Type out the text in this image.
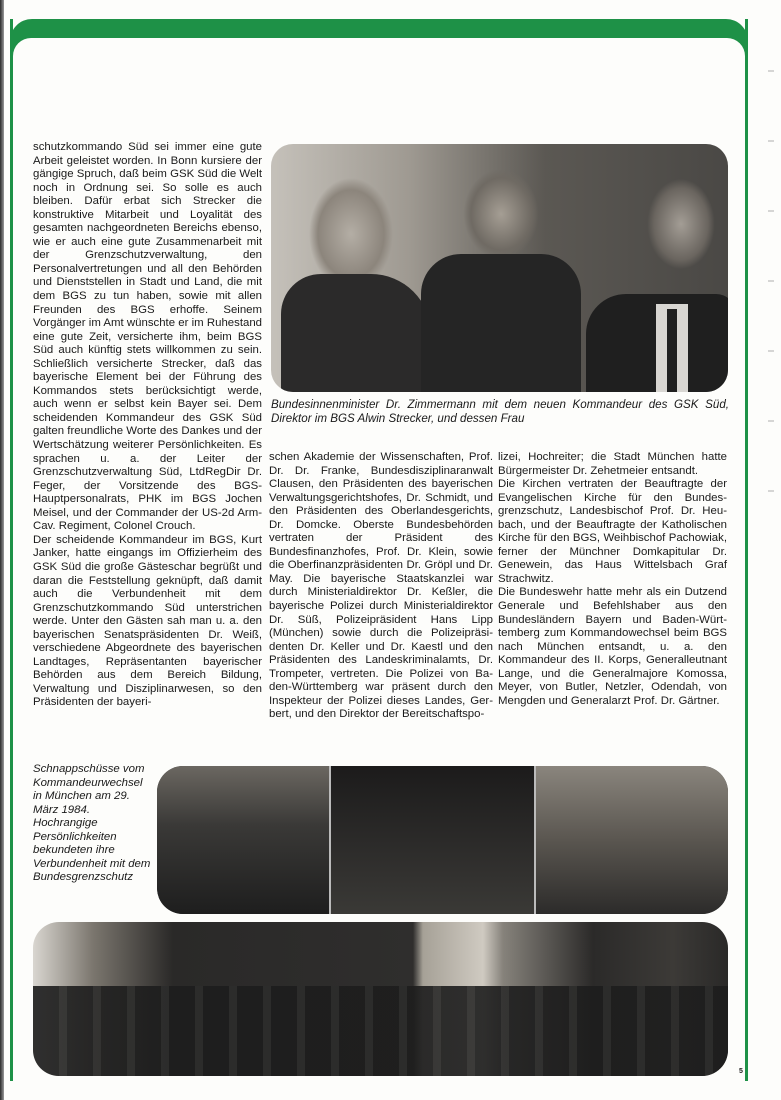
schutzkommando Süd sei immer eine gute Arbeit geleistet worden. In Bonn kursiere der gängige Spruch, daß beim GSK Süd die Welt noch in Ordnung sei. So solle es auch bleiben. Dafür erbat sich Strecker die konstruktive Mitarbeit und Loyalität des gesamten nachgeordneten Bereichs ebenso, wie er auch eine gute Zusammenarbeit mit der Grenzschutzverwaltung, den Personalvertretungen und all den Behörden und Dienststellen in Stadt und Land, die mit dem BGS zu tun haben, sowie mit allen Freunden des BGS erhoffe. Seinem Vorgänger im Amt wünschte er im Ruhestand eine gute Zeit, versicherte ihm, beim BGS Süd auch künftig stets willkommen zu sein. Schließlich versicherte Strecker, daß das bayerische Element bei der Führung des Kommandos stets berücksichtigt werde, auch wenn er selbst kein Bayer sei. Dem scheidenden Kommandeur des GSK Süd galten freundliche Worte des Dankes und der Wertschätzung weiterer Persönlichkeiten. Es sprachen u. a. der Leiter der Grenzschutzverwaltung Süd, LtdRegDir Dr. Feger, der Vorsitzende des BGS-Hauptpersonalrats, PHK im BGS Jochen Meisel, und der Commander der US-2d Arm-Cav. Regiment, Colonel Crouch.

Der scheidende Kommandeur im BGS, Kurt Janker, hatte eingangs im Offizierheim des GSK Süd die große Gästeschar begrüßt und daran die Feststellung geknüpft, daß damit auch die Verbundenheit mit dem Grenzschutzkommando Süd unterstrichen werde. Unter den Gästen sah man u. a. den bayerischen Senatspräsidenten Dr. Weiß, verschiedene Abgeordnete des bayerischen Landtages, Repräsentanten bayerischer Behörden aus dem Bereich Bildung, Verwaltung und Disziplinarwesen, so den Präsidenten der bayeri-

Bundesinnenminister Dr. Zimmermann mit dem neuen Kommandeur des GSK Süd, Direktor im BGS Alwin Strecker, und dessen Frau

schen Akademie der Wissenschaften, Prof. Dr. Dr. Franke, Bundesdisziplinaranwalt Clausen, den Präsidenten des bayerischen Verwaltungsgerichtshofes, Dr. Schmidt, und den Präsidenten des Oberlandesgerichts, Dr. Domcke. Oberste Bundesbehörden vertraten der Präsident des Bundesfinanzhofes, Prof. Dr. Klein, sowie die Oberfinanzpräsidenten Dr. Gröpl und Dr. May. Die bayerische Staatskanzlei war durch Ministerialdirektor Dr. Keßler, die bayerische Polizei durch Ministerialdirektor Dr. Süß, Polizeipräsident Hans Lipp (München) sowie durch die Polizeipräsidenten Dr. Keller und Dr. Kaestl und den Präsidenten des Landeskriminalamts, Dr. Trompeter, vertreten. Die Polizei von Baden-Württemberg war präsent durch den Inspekteur der Polizei dieses Landes, Gerbert, und den Direktor der Bereitschaftspo-

lizei, Hochreiter; die Stadt München hatte Bürgermeister Dr. Zehetmeier entsandt.

Die Kirchen vertraten der Beauftragte der Evangelischen Kirche für den Bundesgrenzschutz, Landesbischof Prof. Dr. Heubach, und der Beauftragte der Katholischen Kirche für den BGS, Weihbischof Pachowiak, ferner der Münchner Domkapitular Dr. Genewein, das Haus Wittelsbach Graf Strachwitz.

Die Bundeswehr hatte mehr als ein Dutzend Generale und Befehlshaber aus den Bundesländern Bayern und Baden-Württemberg zum Kommandowechsel beim BGS nach München entsandt, u. a. den Kommandeur des II. Korps, Generalleutnant Lange, und die Generalmajore Komossa, Meyer, von Butler, Netzler, Odendah, von Mengden und Generalarzt Prof. Dr. Gärtner.

Schnappschüsse vom Kommandeurwechsel in München am 29. März 1984. Hochrangige Persönlichkeiten bekundeten ihre Verbundenheit mit dem Bundesgrenzschutz
5
